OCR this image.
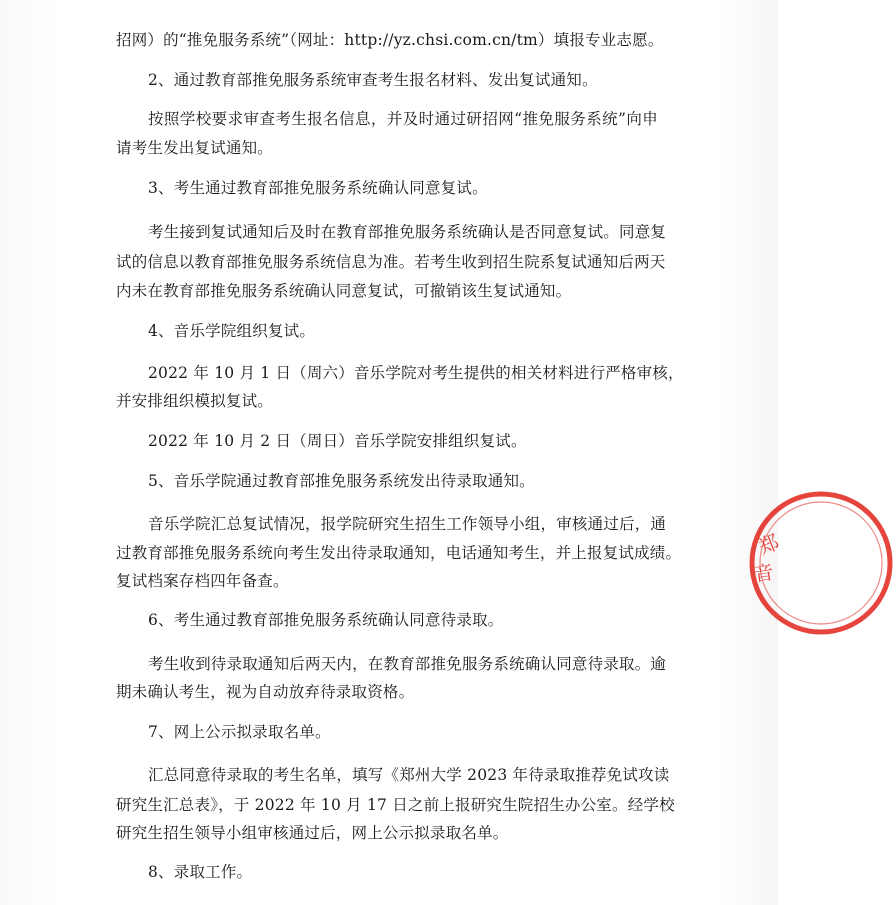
招网）的“推免服务系统”（网址：http://yz.chsi.com.cn/tm）填报专业志愿。
2、通过教育部推免服务系统审查考生报名材料、发出复试通知。
按照学校要求审查考生报名信息，并及时通过研招网“推免服务系统”向申
请考生发出复试通知。
3、考生通过教育部推免服务系统确认同意复试。
考生接到复试通知后及时在教育部推免服务系统确认是否同意复试。同意复
试的信息以教育部推免服务系统信息为准。若考生收到招生院系复试通知后两天
内未在教育部推免服务系统确认同意复试，可撤销该生复试通知。
4、音乐学院组织复试。
2022 年 10 月 1 日（周六）音乐学院对考生提供的相关材料进行严格审核，
并安排组织模拟复试。
2022 年 10 月 2 日（周日）音乐学院安排组织复试。
5、音乐学院通过教育部推免服务系统发出待录取通知。
音乐学院汇总复试情况，报学院研究生招生工作领导小组，审核通过后，通
过教育部推免服务系统向考生发出待录取通知，电话通知考生，并上报复试成绩。
复试档案存档四年备查。
6、考生通过教育部推免服务系统确认同意待录取。
考生收到待录取通知后两天内，在教育部推免服务系统确认同意待录取。逾
期未确认考生，视为自动放弃待录取资格。
7、网上公示拟录取名单。
汇总同意待录取的考生名单，填写《郑州大学 2023 年待录取推荐免试攻读
研究生汇总表》，于 2022 年 10 月 17 日之前上报研究生院招生办公室。经学校
研究生招生领导小组审核通过后，网上公示拟录取名单。
8、录取工作。
郑
音
